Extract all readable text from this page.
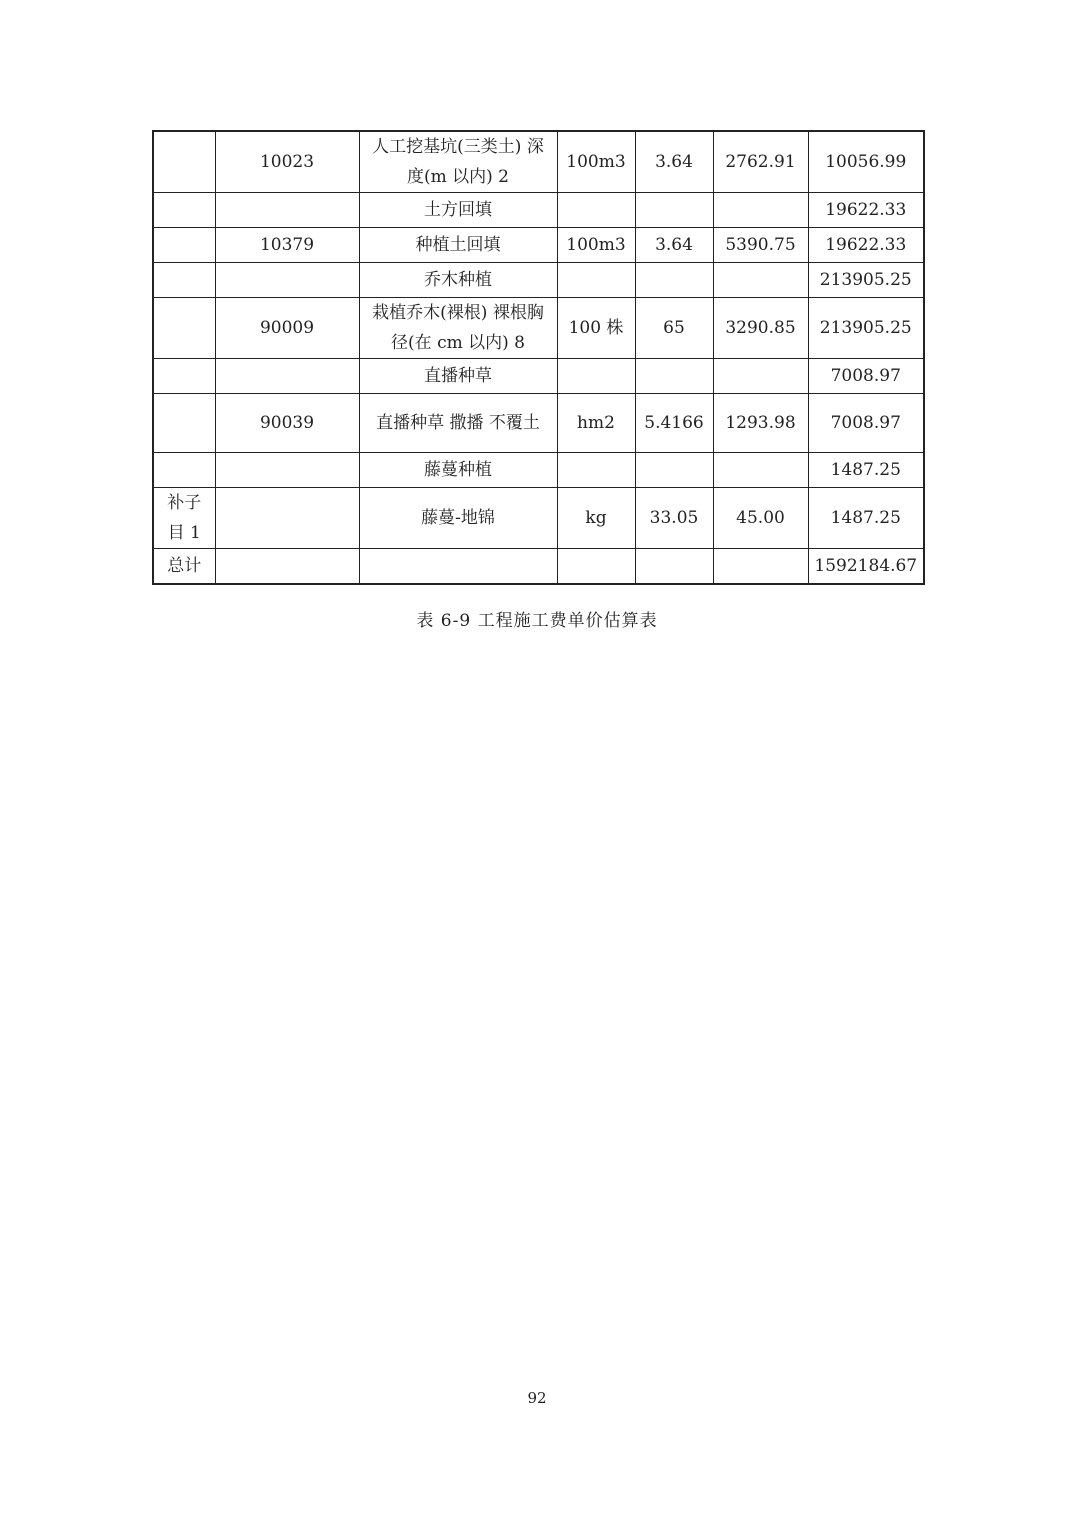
	10023	人工挖基坑(三类土) 深度(m 以内) 2	100m3	3.64	2762.91	10056.99
		土方回填				19622.33
	10379	种植土回填	100m3	3.64	5390.75	19622.33
		乔木种植				213905.25
	90009	栽植乔木(裸根) 裸根胸径(在 cm 以内) 8	100 株	65	3290.85	213905.25
		直播种草				7008.97
	90039	直播种草 撒播 不覆土	hm2	5.4166	1293.98	7008.97
		藤蔓种植				1487.25
补子目 1		藤蔓-地锦	kg	33.05	45.00	1487.25
总计						1592184.67
表 6-9 工程施工费单价估算表
92
